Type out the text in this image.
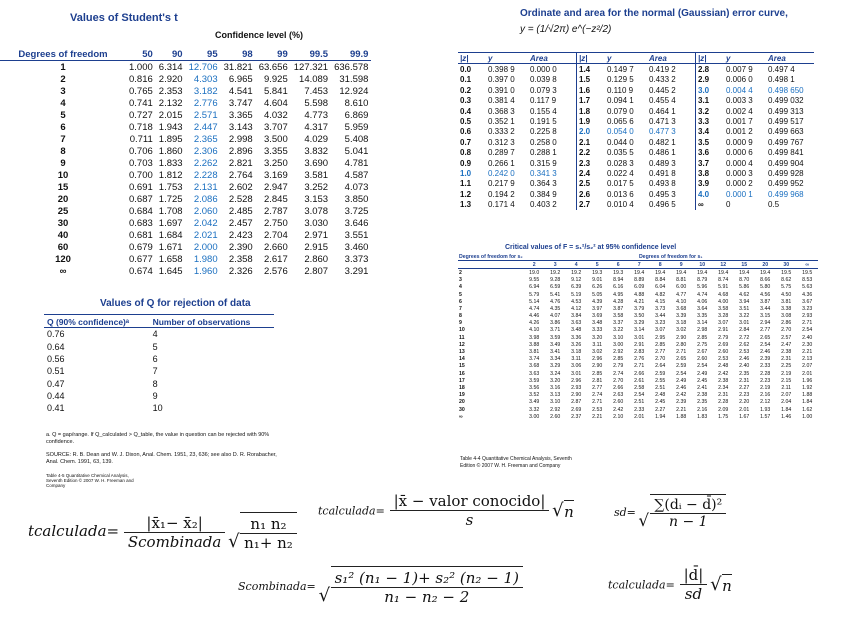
Values of Student's t
Confidence level (%)
Degrees of freedom	50	90	95	98	99	99.5	99.9
1	1.000	6.314	12.706	31.821	63.656	127.321	636.578
2	0.816	2.920	4.303	6.965	9.925	14.089	31.598
3	0.765	2.353	3.182	4.541	5.841	7.453	12.924
4	0.741	2.132	2.776	3.747	4.604	5.598	8.610
5	0.727	2.015	2.571	3.365	4.032	4.773	6.869
6	0.718	1.943	2.447	3.143	3.707	4.317	5.959
7	0.711	1.895	2.365	2.998	3.500	4.029	5.408
8	0.706	1.860	2.306	2.896	3.355	3.832	5.041
9	0.703	1.833	2.262	2.821	3.250	3.690	4.781
10	0.700	1.812	2.228	2.764	3.169	3.581	4.587
15	0.691	1.753	2.131	2.602	2.947	3.252	4.073
20	0.687	1.725	2.086	2.528	2.845	3.153	3.850
25	0.684	1.708	2.060	2.485	2.787	3.078	3.725
30	0.683	1.697	2.042	2.457	2.750	3.030	3.646
40	0.681	1.684	2.021	2.423	2.704	2.971	3.551
60	0.679	1.671	2.000	2.390	2.660	2.915	3.460
120	0.677	1.658	1.980	2.358	2.617	2.860	3.373
∞	0.674	1.645	1.960	2.326	2.576	2.807	3.291
Ordinate and area for the normal (Gaussian) error curve,
y = (1/√2π) e^(−z²/2)
|z|	y	Area	|z|	y	Area	|z|	y	Area
0.0	0.398 9	0.000 0	1.4	0.149 7	0.419 2	2.8	0.007 9	0.497 4
0.1	0.397 0	0.039 8	1.5	0.129 5	0.433 2	2.9	0.006 0	0.498 1
0.2	0.391 0	0.079 3	1.6	0.110 9	0.445 2	3.0	0.004 4	0.498 650
0.3	0.381 4	0.117 9	1.7	0.094 1	0.455 4	3.1	0.003 3	0.499 032
0.4	0.368 3	0.155 4	1.8	0.079 0	0.464 1	3.2	0.002 4	0.499 313
0.5	0.352 1	0.191 5	1.9	0.065 6	0.471 3	3.3	0.001 7	0.499 517
0.6	0.333 2	0.225 8	2.0	0.054 0	0.477 3	3.4	0.001 2	0.499 663
0.7	0.312 3	0.258 0	2.1	0.044 0	0.482 1	3.5	0.000 9	0.499 767
0.8	0.289 7	0.288 1	2.2	0.035 5	0.486 1	3.6	0.000 6	0.499 841
0.9	0.266 1	0.315 9	2.3	0.028 3	0.489 3	3.7	0.000 4	0.499 904
1.0	0.242 0	0.341 3	2.4	0.022 4	0.491 8	3.8	0.000 3	0.499 928
1.1	0.217 9	0.364 3	2.5	0.017 5	0.493 8	3.9	0.000 2	0.499 952
1.2	0.194 2	0.384 9	2.6	0.013 6	0.495 3	4.0	0.000 1	0.499 968
1.3	0.171 4	0.403 2	2.7	0.010 4	0.496 5	∞	0	0.5
Critical values of F = s₁²/s₂² at 95% confidence level
Degrees of freedom for s₂	Degrees of freedom for s₁													
	2	3	4	5	6	7	8	9	10	12	15	20	30	∞
2	19.0	19.2	19.2	19.3	19.3	19.4	19.4	19.4	19.4	19.4	19.4	19.4	19.5	19.5
3	9.55	9.28	9.12	9.01	8.94	8.89	8.84	8.81	8.79	8.74	8.70	8.66	8.62	8.53
4	6.94	6.59	6.39	6.26	6.16	6.09	6.04	6.00	5.96	5.91	5.86	5.80	5.75	5.63
5	5.79	5.41	5.19	5.05	4.95	4.88	4.82	4.77	4.74	4.68	4.62	4.56	4.50	4.36
6	5.14	4.76	4.53	4.39	4.28	4.21	4.15	4.10	4.06	4.00	3.94	3.87	3.81	3.67
7	4.74	4.35	4.12	3.97	3.87	3.79	3.73	3.68	3.64	3.58	3.51	3.44	3.38	3.23
8	4.46	4.07	3.84	3.69	3.58	3.50	3.44	3.39	3.35	3.28	3.22	3.15	3.08	2.93
9	4.26	3.86	3.63	3.48	3.37	3.29	3.23	3.18	3.14	3.07	3.01	2.94	2.86	2.71
10	4.10	3.71	3.48	3.33	3.22	3.14	3.07	3.02	2.98	2.91	2.84	2.77	2.70	2.54
11	3.98	3.59	3.36	3.20	3.10	3.01	2.95	2.90	2.85	2.79	2.72	2.65	2.57	2.40
12	3.88	3.49	3.26	3.11	3.00	2.91	2.85	2.80	2.75	2.69	2.62	2.54	2.47	2.30
13	3.81	3.41	3.18	3.02	2.92	2.83	2.77	2.71	2.67	2.60	2.53	2.46	2.38	2.21
14	3.74	3.34	3.11	2.96	2.85	2.76	2.70	2.65	2.60	2.53	2.46	2.39	2.31	2.13
15	3.68	3.29	3.06	2.90	2.79	2.71	2.64	2.59	2.54	2.48	2.40	2.33	2.25	2.07
16	3.63	3.24	3.01	2.85	2.74	2.66	2.59	2.54	2.49	2.42	2.35	2.28	2.19	2.01
17	3.59	3.20	2.96	2.81	2.70	2.61	2.55	2.49	2.45	2.38	2.31	2.23	2.15	1.96
18	3.56	3.16	2.93	2.77	2.66	2.58	2.51	2.46	2.41	2.34	2.27	2.19	2.11	1.92
19	3.52	3.13	2.90	2.74	2.63	2.54	2.48	2.42	2.38	2.31	2.23	2.16	2.07	1.88
20	3.49	3.10	2.87	2.71	2.60	2.51	2.45	2.39	2.35	2.28	2.20	2.12	2.04	1.84
30	3.32	2.92	2.69	2.53	2.42	2.33	2.27	2.21	2.16	2.09	2.01	1.93	1.84	1.62
∞	3.00	2.60	2.37	2.21	2.10	2.01	1.94	1.88	1.83	1.75	1.67	1.57	1.46	1.00
Table 4-4 Quantitative Chemical Analysis, Seventh Edition © 2007 W. H. Freeman and Company
Values of Q for rejection of data
Q (90% confidence)ᵃ	Number of observations
0.76	4
0.64	5
0.56	6
0.51	7
0.47	8
0.44	9
0.41	10
a. Q = gap/range. If Q_calculated > Q_table, the value in question can be rejected with 90% confidence.
SOURCE: R. B. Dean and W. J. Dixon, Anal. Chem. 1951, 23, 636; see also D. R. Rorabacher, Anal. Chem. 1991, 63, 139.
Table 4-5 Quantitative Chemical Analysis, Seventh Edition © 2007 W. H. Freeman and Company
tcalculada= $\frac{\text{|x̄₁− x̄₂|}}{\text{Scombinada}}$
√ $\frac{\text{n₁ n₂}}{\text{n₁+ n₂}}$
tcalculada= $\frac{\text{|x̄ − valor conocido|}}{s}$ √ n	sd= √ $\frac{\text{∑(dᵢ − d̄)²}}{n - 1}$
Scombinada= √ $\frac{\text{s₁² (n₁ − 1)+ s₂² (n₂ − 1)}}{\text{n₁ − n₂ − 2}}$	tcalculada= $\frac{|d̄|}{sd}$ √ n
